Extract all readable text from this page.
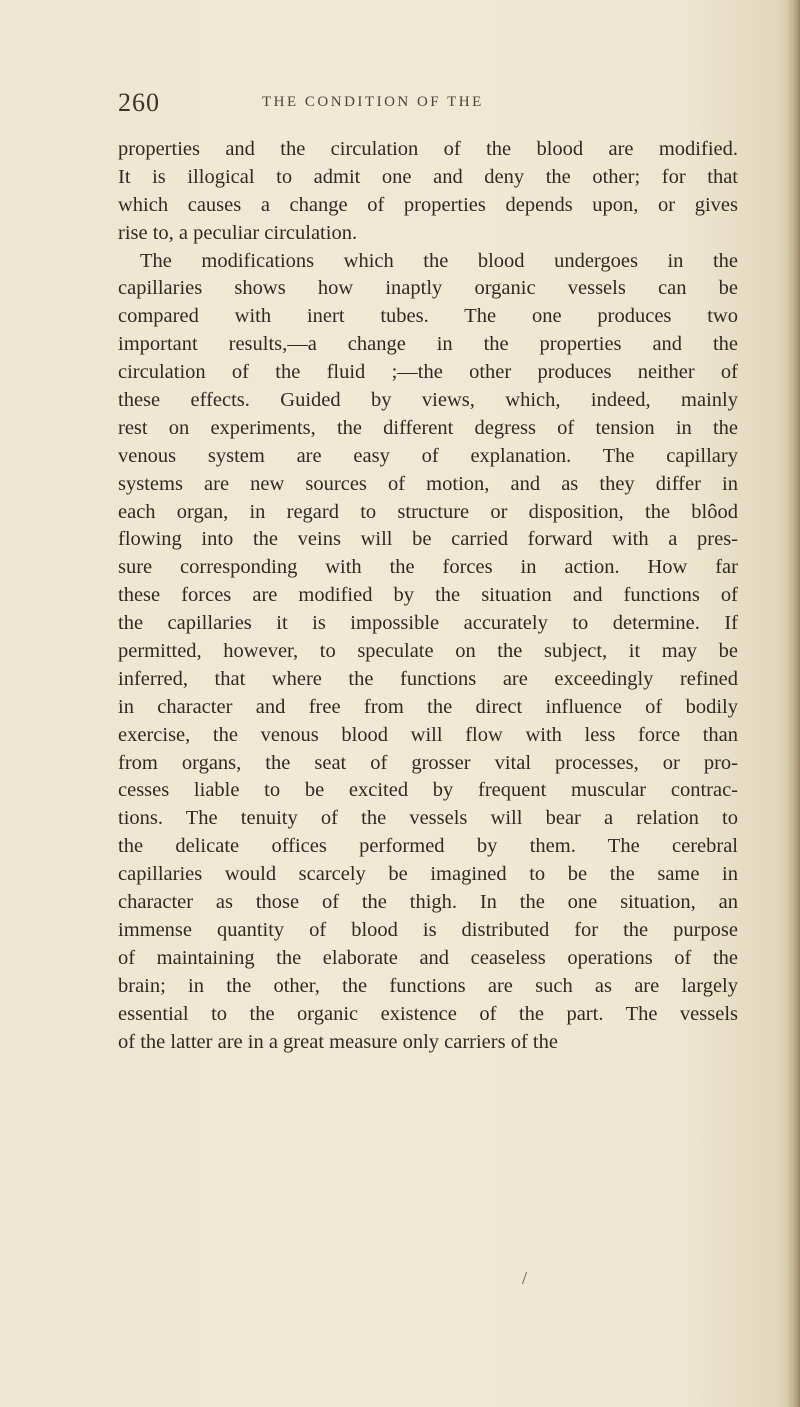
260	THE CONDITION OF THE
properties and the circulation of the blood are modified.
It is illogical to admit one and deny the other; for that
which causes a change of properties depends upon, or gives
rise to, a peculiar circulation.
The modifications which the blood undergoes in the
capillaries shows how inaptly organic vessels can be
compared with inert tubes. The one produces two
important results,—a change in the properties and the
circulation of the fluid ;—the other produces neither of
these effects. Guided by views, which, indeed, mainly
rest on experiments, the different degress of tension in the
venous system are easy of explanation. The capillary
systems are new sources of motion, and as they differ in
each organ, in regard to structure or disposition, the blôod
flowing into the veins will be carried forward with a pres-
sure corresponding with the forces in action. How far
these forces are modified by the situation and functions of
the capillaries it is impossible accurately to determine. If
permitted, however, to speculate on the subject, it may be
inferred, that where the functions are exceedingly refined
in character and free from the direct influence of bodily
exercise, the venous blood will flow with less force than
from organs, the seat of grosser vital processes, or pro-
cesses liable to be excited by frequent muscular contrac-
tions. The tenuity of the vessels will bear a relation to
the delicate offices performed by them. The cerebral
capillaries would scarcely be imagined to be the same in
character as those of the thigh. In the one situation, an
immense quantity of blood is distributed for the purpose
of maintaining the elaborate and ceaseless operations of the
brain; in the other, the functions are such as are largely
essential to the organic existence of the part. The vessels
of the latter are in a great measure only carriers of the
/
